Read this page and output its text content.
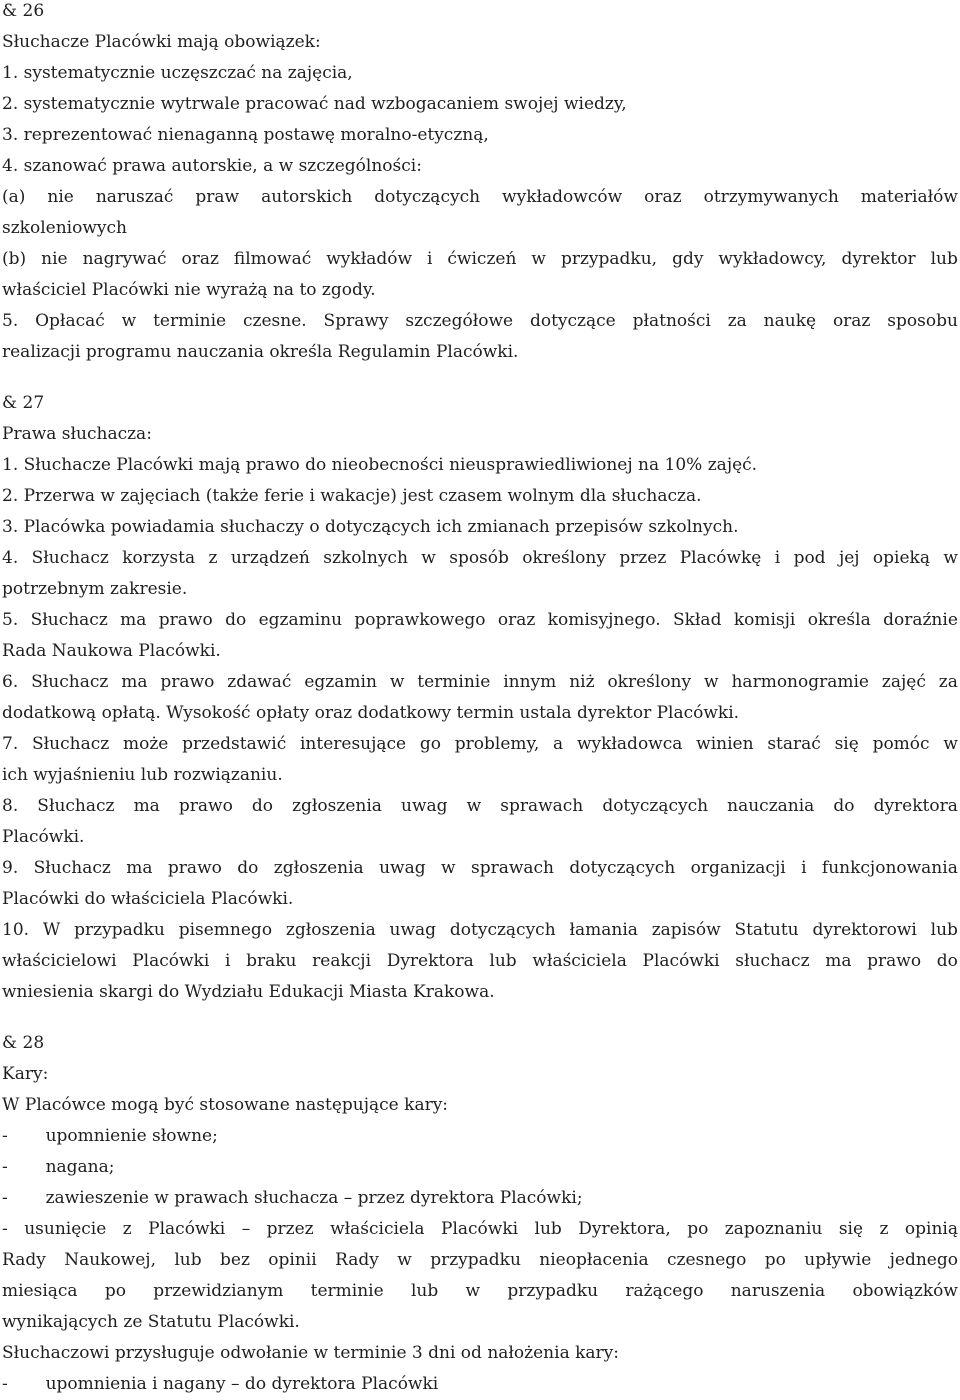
& 26
Słuchacze Placówki mają obowiązek:
1. systematycznie uczęszczać na zajęcia,
2. systematycznie wytrwale pracować nad wzbogacaniem swojej wiedzy,
3. reprezentować nienaganną postawę moralno-etyczną,
4. szanować prawa autorskie, a w szczególności:
(a) nie naruszać praw autorskich dotyczących wykładowców oraz otrzymywanych materiałów
szkoleniowych
(b) nie nagrywać oraz filmować wykładów i ćwiczeń w przypadku, gdy wykładowcy, dyrektor lub
właściciel Placówki nie wyrażą na to zgody.
5. Opłacać w terminie czesne. Sprawy szczegółowe dotyczące płatności za naukę oraz sposobu
realizacji programu nauczania określa Regulamin Placówki.
& 27
Prawa słuchacza:
1. Słuchacze Placówki mają prawo do nieobecności nieusprawiedliwionej na 10% zajęć.
2. Przerwa w zajęciach (także ferie i wakacje) jest czasem wolnym dla słuchacza.
3. Placówka powiadamia słuchaczy o dotyczących ich zmianach przepisów szkolnych.
4. Słuchacz korzysta z urządzeń szkolnych w sposób określony przez Placówkę i pod jej opieką w
potrzebnym zakresie.
5. Słuchacz ma prawo do egzaminu poprawkowego oraz komisyjnego. Skład komisji określa doraźnie
Rada Naukowa Placówki.
6. Słuchacz ma prawo zdawać egzamin w terminie innym niż określony w harmonogramie zajęć za
dodatkową opłatą. Wysokość opłaty oraz dodatkowy termin ustala dyrektor Placówki.
7. Słuchacz może przedstawić interesujące go problemy, a wykładowca winien starać się pomóc w
ich wyjaśnieniu lub rozwiązaniu.
8. Słuchacz ma prawo do zgłoszenia uwag w sprawach dotyczących nauczania do dyrektora
Placówki.
9. Słuchacz ma prawo do zgłoszenia uwag w sprawach dotyczących organizacji i funkcjonowania
Placówki do właściciela Placówki.
10. W przypadku pisemnego zgłoszenia uwag dotyczących łamania zapisów Statutu dyrektorowi lub
właścicielowi Placówki i braku reakcji Dyrektora lub właściciela Placówki słuchacz ma prawo do
wniesienia skargi do Wydziału Edukacji Miasta Krakowa.
& 28
Kary:
W Placówce mogą być stosowane następujące kary:
-       upomnienie słowne;
-       nagana;
-       zawieszenie w prawach słuchacza – przez dyrektora Placówki;
- usunięcie z Placówki – przez właściciela Placówki lub Dyrektora, po zapoznaniu się z opinią
Rady Naukowej, lub bez opinii Rady w przypadku nieopłacenia czesnego po upływie jednego
miesiąca po przewidzianym terminie lub w przypadku rażącego naruszenia obowiązków
wynikających ze Statutu Placówki.
Słuchaczowi przysługuje odwołanie w terminie 3 dni od nałożenia kary:
-       upomnienia i nagany – do dyrektora Placówki
